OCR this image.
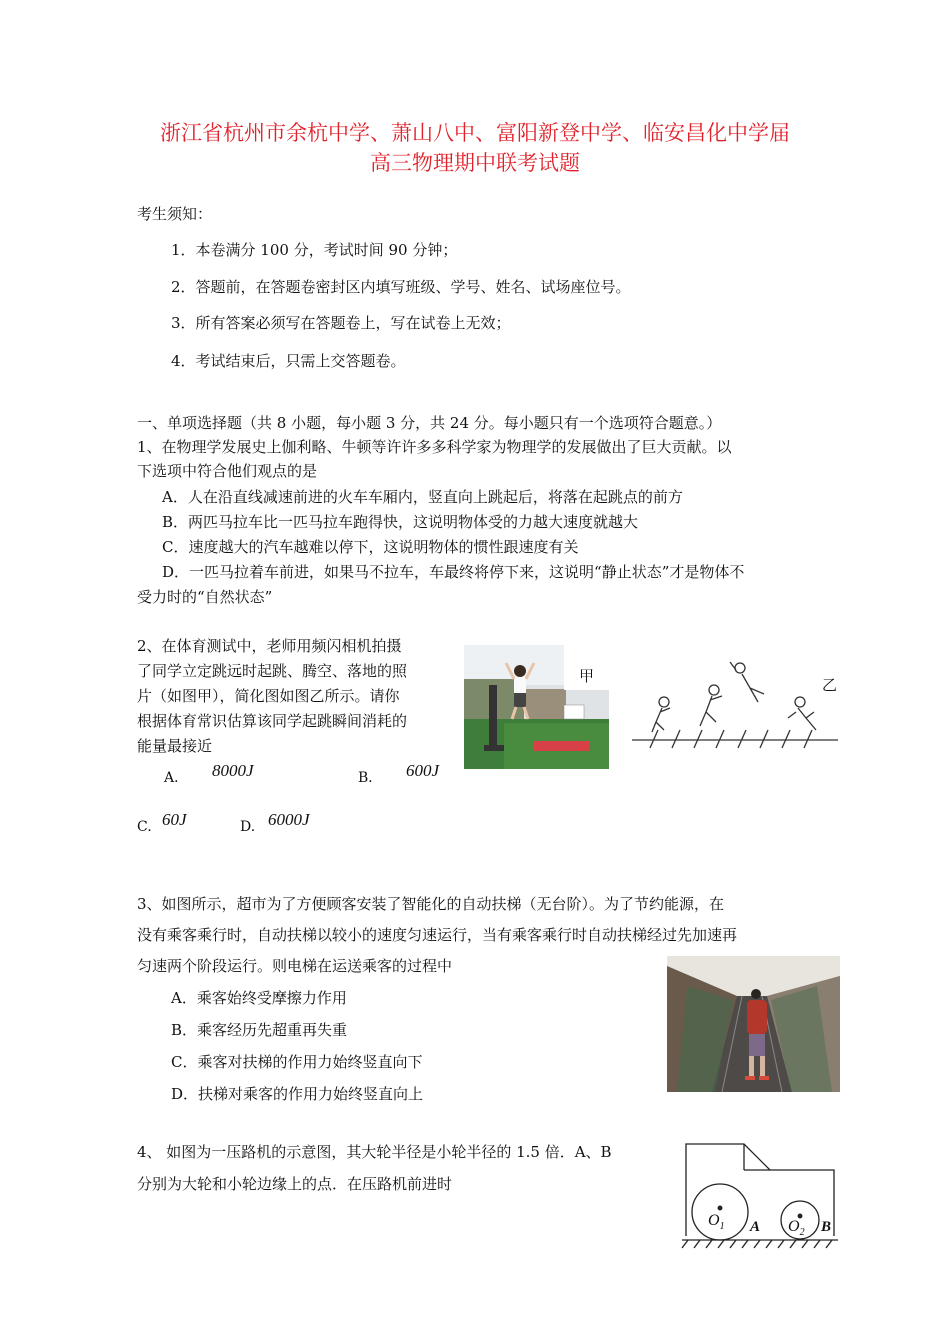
浙江省杭州市余杭中学、萧山八中、富阳新登中学、临安昌化中学届
高三物理期中联考试题
考生须知：
1．本卷满分 100 分，考试时间 90 分钟；
2．答题前，在答题卷密封区内填写班级、学号、姓名、试场座位号。
3．所有答案必须写在答题卷上，写在试卷上无效；
4．考试结束后，只需上交答题卷。
一、单项选择题（共 8 小题，每小题 3 分，共 24 分。每小题只有一个选项符合题意。）
1、在物理学发展史上伽利略、牛顿等许许多多科学家为物理学的发展做出了巨大贡献。以
下选项中符合他们观点的是
A．人在沿直线减速前进的火车车厢内，竖直向上跳起后，将落在起跳点的前方
B．两匹马拉车比一匹马拉车跑得快，这说明物体受的力越大速度就越大
C．速度越大的汽车越难以停下，这说明物体的惯性跟速度有关
D．一匹马拉着车前进，如果马不拉车，车最终将停下来，这说明“静止状态”才是物体不
受力时的“自然状态”
2、在体育测试中，老师用频闪相机拍摄
了同学立定跳远时起跳、腾空、落地的照
片（如图甲），简化图如图乙所示。请你
根据体育常识估算该同学起跳瞬间消耗的
能量最接近
A． 8000J	B． 600J
C. 60J	D. 6000J
甲	乙
3、如图所示，超市为了方便顾客安装了智能化的自动扶梯（无台阶）。为了节约能源，在
没有乘客乘行时，自动扶梯以较小的速度匀速运行，当有乘客乘行时自动扶梯经过先加速再
匀速两个阶段运行。则电梯在运送乘客的过程中
A．乘客始终受摩擦力作用
B．乘客经历先超重再失重
C．乘客对扶梯的作用力始终竖直向下
D．扶梯对乘客的作用力始终竖直向上
4、 如图为一压路机的示意图，其大轮半径是小轮半径的 1.5 倍．A、B
分别为大轮和小轮边缘上的点．在压路机前进时
$O_1$ A $O_2$ B
